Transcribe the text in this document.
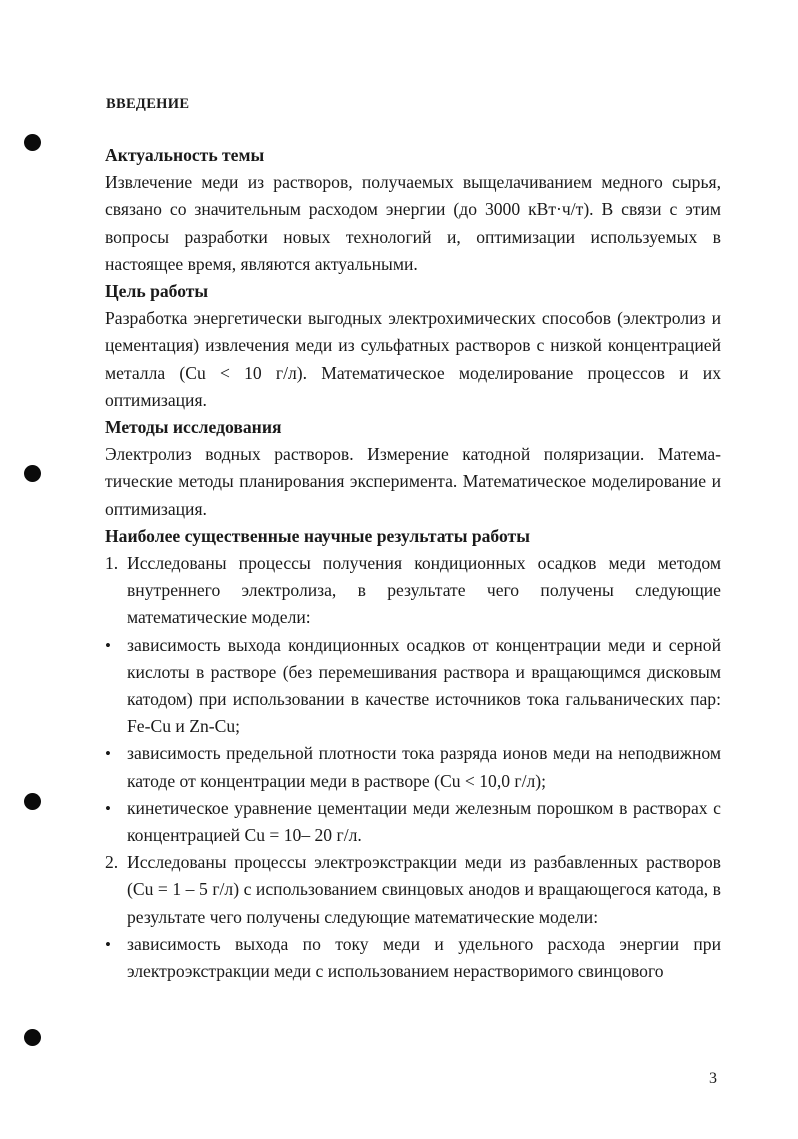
ВВЕДЕНИЕ
Актуальность темы
Извлечение меди из растворов, получаемых выщелачиванием медного сырья, связано со значительным расходом энергии (до 3000 кВт·ч/т). В связи с этим вопросы разработки новых технологий и, оптимизации используемых в настоящее время, являются актуальными.
Цель работы
Разработка энергетически выгодных электрохимических способов (электролиз и цементация) извлечения меди из сульфатных растворов с низкой концентрацией металла (Cu < 10 г/л). Математическое моделирование процессов и их оптимизация.
Методы исследования
Электролиз водных растворов. Измерение катодной поляризации. Математические методы планирования эксперимента. Математическое моделирование и оптимизация.
Наиболее существенные научные результаты работы
1. Исследованы процессы получения кондиционных осадков меди методом внутреннего электролиза, в результате чего получены следующие математические модели:
• зависимость выхода кондиционных осадков от концентрации меди и серной кислоты в растворе (без перемешивания раствора и вращающимся дисковым катодом) при использовании в качестве источников тока гальванических пар: Fe-Cu и Zn-Cu;
• зависимость предельной плотности тока разряда ионов меди на неподвижном катоде от концентрации меди в растворе (Cu < 10,0 г/л);
• кинетическое уравнение цементации меди железным порошком в растворах с концентрацией Cu = 10– 20 г/л.
2. Исследованы процессы электроэкстракции меди из разбавленных растворов (Cu = 1 – 5 г/л) с использованием свинцовых анодов и вращающегося катода, в результате чего получены следующие математические модели:
• зависимость выхода по току меди и удельного расхода энергии при электроэкстракции меди с использованием нерастворимого свинцового
3
